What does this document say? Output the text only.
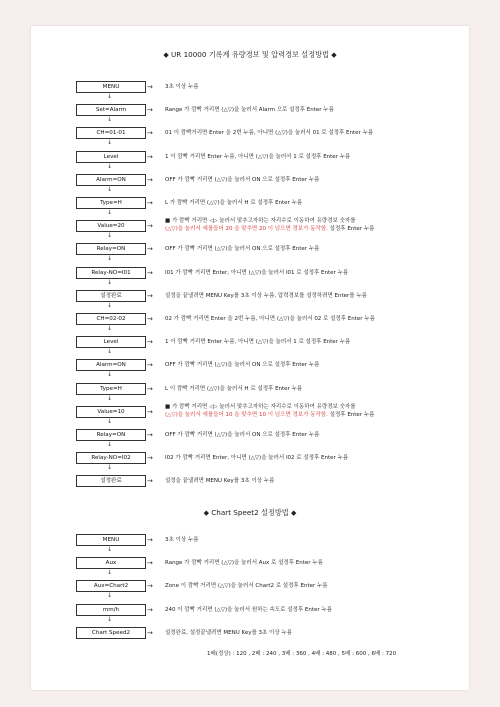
◆ UR 10000 기록계 유량경보 및 압력경보 설정방법 ◆
MENU	→ 3초 이상 누름
↓
Set=Alarm	→ Range 가 깜빡 거리면 (△▽)을 눌러서 Alarm 으로 설정후 Enter 누름
↓
CH=01-01	→ 01 이 깜빡거리면 Enter 을 2번 누름, 아니면 (△▽)을 눌러서 01 로 설정후 Enter 누름
↓
Level	→ 1 이 깜빡 거리면 Enter 누름, 아니면 (△▽)을 눌러서 1 로 설정후 Enter 누름
↓
Alarm=ON	→ OFF 가 깜빡 거리면 (△▽)을 눌러서 ON 으로 설정후 Enter 누름
↓
Type=H	→ L 가 깜빡 거리면 (△▽)을 눌러서 H 로 설정후 Enter 누름
↓
Value=20	→
■ 가 깜빡 거리면 ◁▷ 눌러서 맞추고자하는 자리수로 이동하여 유량경보 숫자를
(△▽)을 눌러서 예를들어 20 을 맞추면 20 이 넘으면 경보가 동작함. 설정후 Enter 누름
↓
Relay=ON	→ OFF 가 깜빡 거리면 (△▽)을 눌러서 ON 으로 설정후 Enter 누름
↓
Relay-NO=I01	→ I01 가 깜빡 거리면 Enter, 아니면 (△▽)을 눌러서 I01 로 설정후 Enter 누름
↓
설정완료	→ 설정을 끝낼려면 MENU Key를 3초 이상 누름, 압력경보를 설정하려면 Enter를 누름
↓
CH=02-02	→ 02 가 깜빡 거리면 Enter 을 2번 누름, 아니면 (△▽)을 눌러서 02 로 설정후 Enter 누름
↓
Level	→ 1 이 깜빡 거리면 Enter 누름, 아니면 (△▽)을 눌러서 1 로 설정후 Enter 누름
↓
Alarm=ON	→ OFF 가 깜빡 거리면 (△▽)을 눌러서 ON 으로 설정후 Enter 누름
↓
Type=H	→ L 이 깜빡 거리면 (△▽)을 눌러서 H 로 설정후 Enter 누름
↓
Value=10	→
■ 가 깜빡 거리면 ◁▷ 눌러서 맞추고자하는 자리수로 이동하여 유량경보 숫자를
(△▽)을 눌러서 예를들어 10 을 맞추면 10 이 넘으면 경보가 동작함. 설정후 Enter 누름
↓
Relay=ON	→ OFF 가 깜빡 거리면 (△▽)을 눌러서 ON 으로 설정후 Enter 누름
↓
Relay-NO=I02	→ I02 가 깜빡 거리면 Enter, 아니면 (△▽)을 눌러서 I02 로 설정후 Enter 누름
↓
설정완료	→ 설정을 끝낼려면 MENU Key를 3초 이상 누름
◆ Chart Speet2 설정방법 ◆
MENU	→ 3초 이상 누름
↓
Aux	→ Range 가 깜빡 거리면 (△▽)을 눌러서 Aux 로 설정후 Enter 누름
↓
Aux=Chart2	→ Zone 이 깜빡 거리면 (△▽)을 눌러서 Chart2 로 설정후 Enter 누름
↓
mm/h	→ 240 이 깜빡 거리면 (△▽)을 눌러서 원하는 속도로 설정후 Enter 누름
↓
Chart Speed2	→ 설정완료, 설정끝낼려면 MENU Key를 3초 이상 누름
1배(정상) : 120 , 2배 : 240 , 3배 : 360 , 4배 : 480 , 5배 : 600 , 6배 : 720
